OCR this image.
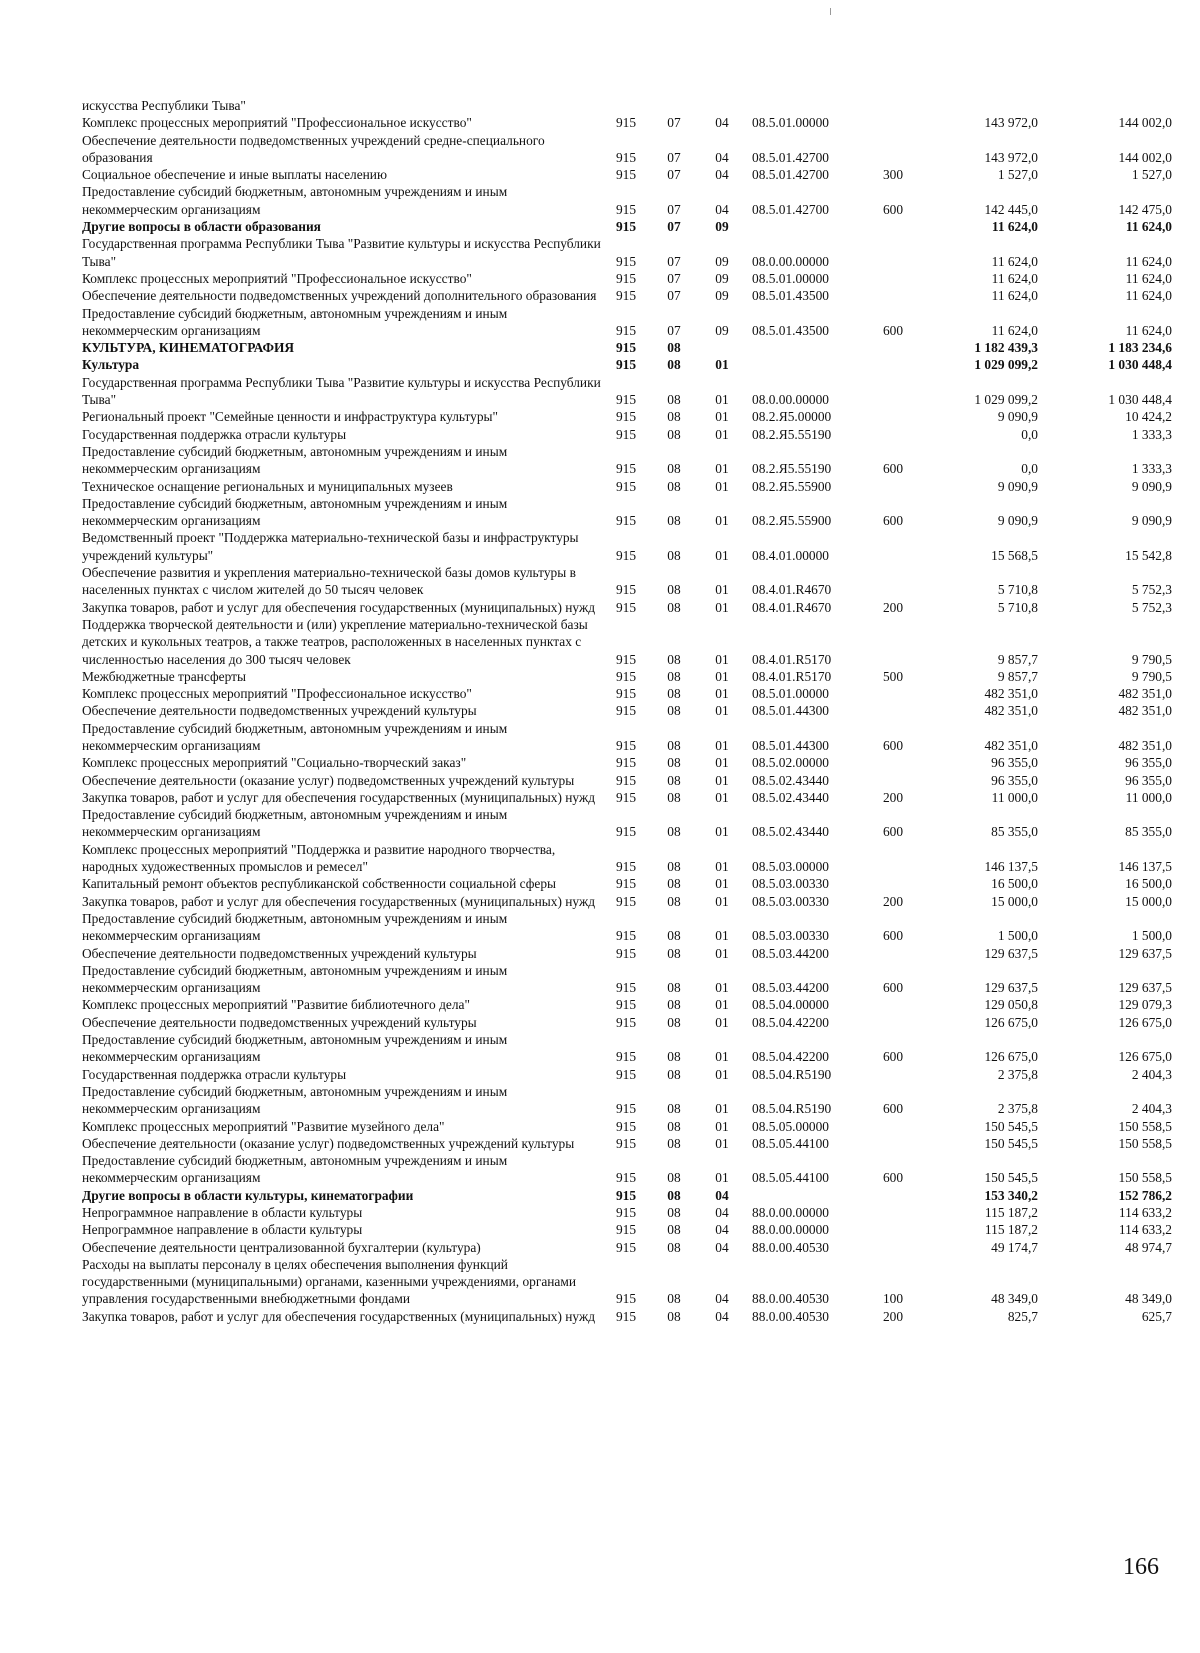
искусства Республики Тыва"							
Комплекс процессных мероприятий "Профессиональное искусство"	915	07	04	08.5.01.00000		143 972,0	144 002,0
Обеспечение деятельности подведомственных учреждений средне-специального образования	915	07	04	08.5.01.42700		143 972,0	144 002,0
Социальное обеспечение и иные выплаты населению	915	07	04	08.5.01.42700	300	1 527,0	1 527,0
Предоставление субсидий бюджетным, автономным учреждениям и иным некоммерческим организациям	915	07	04	08.5.01.42700	600	142 445,0	142 475,0
Другие вопросы в области образования	915	07	09			11 624,0	11 624,0
Государственная программа Республики Тыва "Развитие культуры и искусства Республики Тыва"	915	07	09	08.0.00.00000		11 624,0	11 624,0
Комплекс процессных мероприятий "Профессиональное искусство"	915	07	09	08.5.01.00000		11 624,0	11 624,0
Обеспечение деятельности подведомственных учреждений дополнительного образования	915	07	09	08.5.01.43500		11 624,0	11 624,0
Предоставление субсидий бюджетным, автономным учреждениям и иным некоммерческим организациям	915	07	09	08.5.01.43500	600	11 624,0	11 624,0
КУЛЬТУРА, КИНЕМАТОГРАФИЯ	915	08				1 182 439,3	1 183 234,6
Культура	915	08	01			1 029 099,2	1 030 448,4
Государственная программа Республики Тыва "Развитие культуры и искусства Республики Тыва"	915	08	01	08.0.00.00000		1 029 099,2	1 030 448,4
Региональный проект "Семейные ценности и инфраструктура культуры"	915	08	01	08.2.Я5.00000		9 090,9	10 424,2
Государственная поддержка отрасли культуры	915	08	01	08.2.Я5.55190		0,0	1 333,3
Предоставление субсидий бюджетным, автономным учреждениям и иным некоммерческим организациям	915	08	01	08.2.Я5.55190	600	0,0	1 333,3
Техническое оснащение региональных и муниципальных музеев	915	08	01	08.2.Я5.55900		9 090,9	9 090,9
Предоставление субсидий бюджетным, автономным учреждениям и иным некоммерческим организациям	915	08	01	08.2.Я5.55900	600	9 090,9	9 090,9
Ведомственный проект "Поддержка материально-технической базы и инфраструктуры учреждений культуры"	915	08	01	08.4.01.00000		15 568,5	15 542,8
Обеспечение развития и укрепления материально-технической базы домов культуры в населенных пунктах с числом жителей до 50 тысяч человек	915	08	01	08.4.01.R4670		5 710,8	5 752,3
Закупка товаров, работ и услуг для обеспечения государственных (муниципальных) нужд	915	08	01	08.4.01.R4670	200	5 710,8	5 752,3
Поддержка творческой деятельности и (или) укрепление материально-технической базы детских и кукольных театров, а также театров, расположенных в населенных пунктах с численностью населения до 300 тысяч человек	915	08	01	08.4.01.R5170		9 857,7	9 790,5
Межбюджетные трансферты	915	08	01	08.4.01.R5170	500	9 857,7	9 790,5
Комплекс процессных мероприятий "Профессиональное искусство"	915	08	01	08.5.01.00000		482 351,0	482 351,0
Обеспечение деятельности подведомственных учреждений культуры	915	08	01	08.5.01.44300		482 351,0	482 351,0
Предоставление субсидий бюджетным, автономным учреждениям и иным некоммерческим организациям	915	08	01	08.5.01.44300	600	482 351,0	482 351,0
Комплекс процессных мероприятий "Социально-творческий заказ"	915	08	01	08.5.02.00000		96 355,0	96 355,0
Обеспечение деятельности (оказание услуг) подведомственных учреждений культуры	915	08	01	08.5.02.43440		96 355,0	96 355,0
Закупка товаров, работ и услуг для обеспечения государственных (муниципальных) нужд	915	08	01	08.5.02.43440	200	11 000,0	11 000,0
Предоставление субсидий бюджетным, автономным учреждениям и иным некоммерческим организациям	915	08	01	08.5.02.43440	600	85 355,0	85 355,0
Комплекс процессных мероприятий "Поддержка и развитие народного творчества, народных художественных промыслов и ремесел"	915	08	01	08.5.03.00000		146 137,5	146 137,5
Капитальный ремонт объектов республиканской собственности социальной сферы	915	08	01	08.5.03.00330		16 500,0	16 500,0
Закупка товаров, работ и услуг для обеспечения государственных (муниципальных) нужд	915	08	01	08.5.03.00330	200	15 000,0	15 000,0
Предоставление субсидий бюджетным, автономным учреждениям и иным некоммерческим организациям	915	08	01	08.5.03.00330	600	1 500,0	1 500,0
Обеспечение деятельности подведомственных учреждений культуры	915	08	01	08.5.03.44200		129 637,5	129 637,5
Предоставление субсидий бюджетным, автономным учреждениям и иным некоммерческим организациям	915	08	01	08.5.03.44200	600	129 637,5	129 637,5
Комплекс процессных мероприятий "Развитие библиотечного дела"	915	08	01	08.5.04.00000		129 050,8	129 079,3
Обеспечение деятельности подведомственных учреждений культуры	915	08	01	08.5.04.42200		126 675,0	126 675,0
Предоставление субсидий бюджетным, автономным учреждениям и иным некоммерческим организациям	915	08	01	08.5.04.42200	600	126 675,0	126 675,0
Государственная поддержка отрасли культуры	915	08	01	08.5.04.R5190		2 375,8	2 404,3
Предоставление субсидий бюджетным, автономным учреждениям и иным некоммерческим организациям	915	08	01	08.5.04.R5190	600	2 375,8	2 404,3
Комплекс процессных мероприятий "Развитие музейного дела"	915	08	01	08.5.05.00000		150 545,5	150 558,5
Обеспечение деятельности (оказание услуг) подведомственных учреждений культуры	915	08	01	08.5.05.44100		150 545,5	150 558,5
Предоставление субсидий бюджетным, автономным учреждениям и иным некоммерческим организациям	915	08	01	08.5.05.44100	600	150 545,5	150 558,5
Другие вопросы в области культуры, кинематографии	915	08	04			153 340,2	152 786,2
Непрограммное направление в области культуры	915	08	04	88.0.00.00000		115 187,2	114 633,2
Непрограммное направление в области культуры	915	08	04	88.0.00.00000		115 187,2	114 633,2
Обеспечение деятельности централизованной бухгалтерии (культура)	915	08	04	88.0.00.40530		49 174,7	48 974,7
Расходы на выплаты персоналу в целях обеспечения выполнения функций государственными (муниципальными) органами, казенными учреждениями, органами управления государственными внебюджетными фондами	915	08	04	88.0.00.40530	100	48 349,0	48 349,0
Закупка товаров, работ и услуг для обеспечения государственных (муниципальных) нужд	915	08	04	88.0.00.40530	200	825,7	625,7
166
